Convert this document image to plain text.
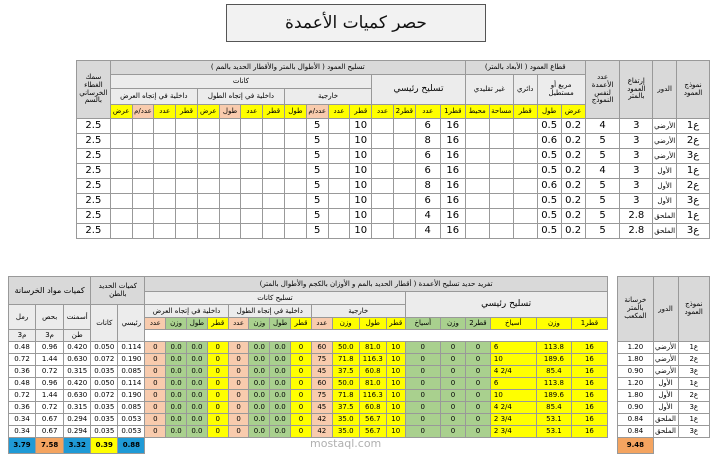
حصر كميات الأعمدة
سمك الغطاء الخرساني بالسم	تسليح العمود ( الأطوال بالمتر والأقطار الحديد بالمم )																قطاع العمود ( الأبعاد بالمتر)					عدد الأعمدة لنفس النموذج	إرتفاع العمود بالمتر	الدور	نموذج العمود
	كانات												تسليح رئيسي				غير تقليدي		دائري	مربع أو مستطيل					
	داخلية في إتجاه العرض				داخلية في إتجاه الطول				خارجية																
	عرض	عدد/م	عدد	قطر	عرض	طول	عدد	قطر	طول	عدد/م	عدد	قطر	عدد	قطر2	عدد	قطر1	محيط	مساحة	قطر	طول	عرض				
2.5										5		10			6	16				0.5	0.2	4	3	الأرضي	ع1
2.5										5		10			8	16				0.6	0.2	5	3	الأرضي	ع2
2.5										5		10			6	16				0.5	0.2	5	3	الأرضي	ع3
2.5										5		10			6	16				0.5	0.2	4	3	الأول	ع1
2.5										5		10			8	16				0.6	0.2	5	3	الأول	ع2
2.5										5		10			6	16				0.5	0.2	5	3	الأول	ع3
2.5										5		10			4	16				0.5	0.2	5	2.8	الملحق	ع1
2.5										5		10			4	16				0.5	0.2	5	2.8	الملحق	ع3
كميات مواد الخرسانة			كميات الحديد بالطن		تفريد حديد تسليح الأعمدة ( أقطار الحديد بالمم و الأوزان بالكجم والأطوال بالمتر)																			خرسانة بالمتر المكعب	الدور	نموذج العمود
					تسليح كانات												تسليح رئيسي									
رمل	بحص	أسمنت	كانات	رئيسي	داخلية في إتجاه العرض				داخلية في إتجاه الطول				خارجية													
					عدد	وزن	طول	قطر	عدد	وزن	طول	قطر	عدد	وزن	طول	قطر	أسياخ	وزن	قطر2	أسياخ	وزن	قطر1				
م3	م3	طن																								
0.48	0.96	0.420	0.050	0.114	0	0.0	0.0	0	0	0.0	0.0	0	60	50.0	81.0	10	0	0	0	6	113.8	16		1.20	الأرضي	ع1
0.72	1.44	0.630	0.072	0.190	0	0.0	0.0	0	0	0.0	0.0	0	75	71.8	116.3	10	0	0	0	10	189.6	16		1.80	الأرضي	ع2
0.36	0.72	0.315	0.035	0.085	0	0.0	0.0	0	0	0.0	0.0	0	45	37.5	60.8	10	0	0	0	4 2/4	85.4	16		0.90	الأرضي	ع3
0.48	0.96	0.420	0.050	0.114	0	0.0	0.0	0	0	0.0	0.0	0	60	50.0	81.0	10	0	0	0	6	113.8	16		1.20	الأول	ع1
0.72	1.44	0.630	0.072	0.190	0	0.0	0.0	0	0	0.0	0.0	0	75	71.8	116.3	10	0	0	0	10	189.6	16		1.80	الأول	ع2
0.36	0.72	0.315	0.035	0.085	0	0.0	0.0	0	0	0.0	0.0	0	45	37.5	60.8	10	0	0	0	4 2/4	85.4	16		0.90	الأول	ع3
0.34	0.67	0.294	0.035	0.053	0	0.0	0.0	0	0	0.0	0.0	0	42	35.0	56.7	10	0	0	0	2 3/4	53.1	16		0.84	الملحق	ع1
0.34	0.67	0.294	0.035	0.053	0	0.0	0.0	0	0	0.0	0.0	0	42	35.0	56.7	10	0	0	0	2 3/4	53.1	16		0.84	الملحق	ع3
3.79	7.58	3.32	0.39	0.88																				9.48		
mostaql.com
